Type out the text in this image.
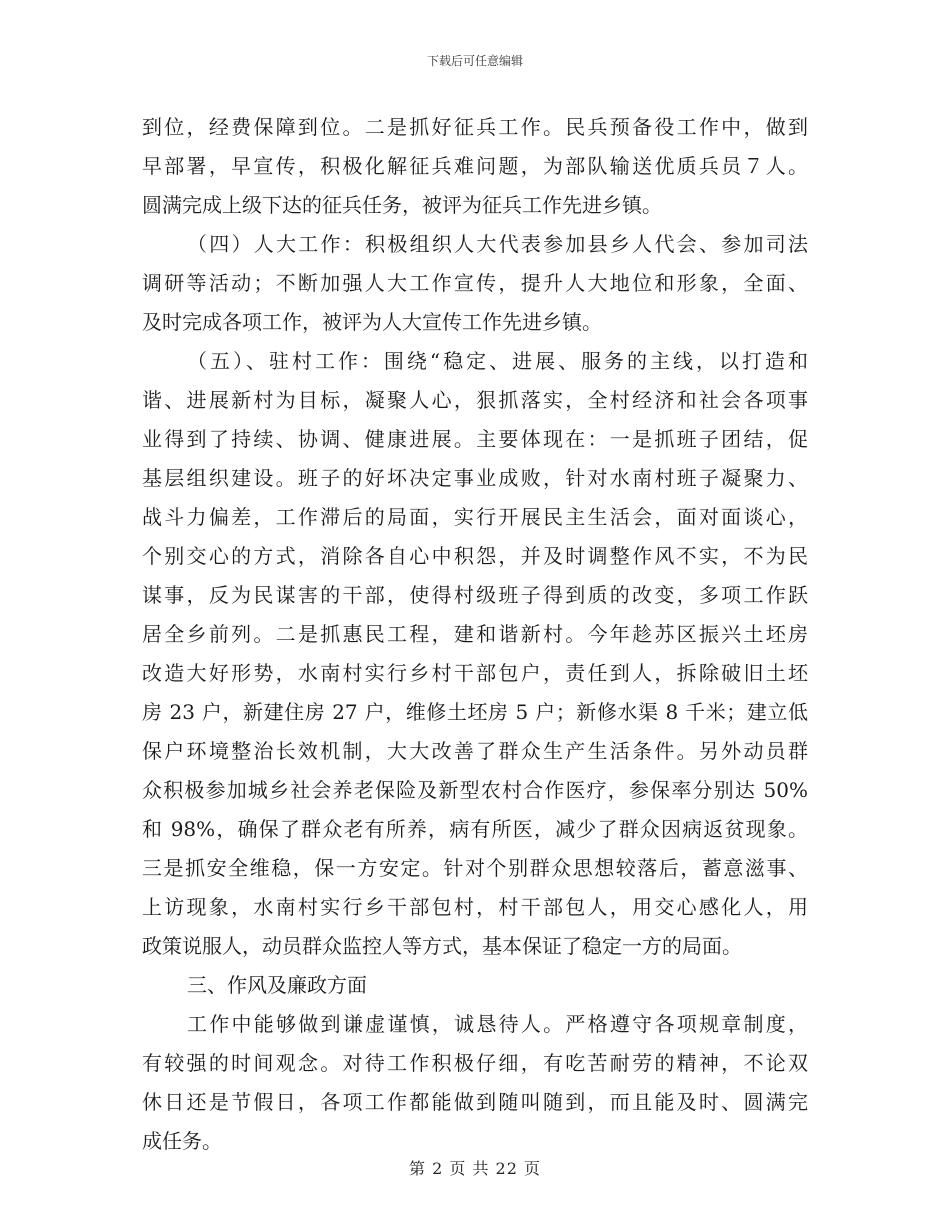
下载后可任意编辑
到位，经费保障到位。二是抓好征兵工作。民兵预备役工作中，做到
早部署，早宣传，积极化解征兵难问题，为部队输送优质兵员７人。
圆满完成上级下达的征兵任务，被评为征兵工作先进乡镇。
（四）人大工作：积极组织人大代表参加县乡人代会、参加司法
调研等活动；不断加强人大工作宣传，提升人大地位和形象，全面、
及时完成各项工作，被评为人大宣传工作先进乡镇。
（五）、驻村工作：围绕“稳定、进展、服务的主线，以打造和
谐、进展新村为目标，凝聚人心，狠抓落实，全村经济和社会各项事
业得到了持续、协调、健康进展。主要体现在：一是抓班子团结，促
基层组织建设。班子的好坏决定事业成败，针对水南村班子凝聚力、
战斗力偏差，工作滞后的局面，实行开展民主生活会，面对面谈心，
个别交心的方式，消除各自心中积怨，并及时调整作风不实，不为民
谋事，反为民谋害的干部，使得村级班子得到质的改变，多项工作跃
居全乡前列。二是抓惠民工程，建和谐新村。今年趁苏区振兴土坯房
改造大好形势，水南村实行乡村干部包户，责任到人，拆除破旧土坯
房 23 户，新建住房 27 户，维修土坯房 5 户；新修水渠 8 千米；建立低
保户环境整治长效机制，大大改善了群众生产生活条件。另外动员群
众积极参加城乡社会养老保险及新型农村合作医疗，参保率分别达 50%
和 98%，确保了群众老有所养，病有所医，减少了群众因病返贫现象。
三是抓安全维稳，保一方安定。针对个别群众思想较落后，蓄意滋事、
上访现象，水南村实行乡干部包村，村干部包人，用交心感化人，用
政策说服人，动员群众监控人等方式，基本保证了稳定一方的局面。
三、作风及廉政方面
工作中能够做到谦虚谨慎，诚恳待人。严格遵守各项规章制度，
有较强的时间观念。对待工作积极仔细，有吃苦耐劳的精神，不论双
休日还是节假日，各项工作都能做到随叫随到，而且能及时、圆满完
成任务。
第 2 页 共 22 页
